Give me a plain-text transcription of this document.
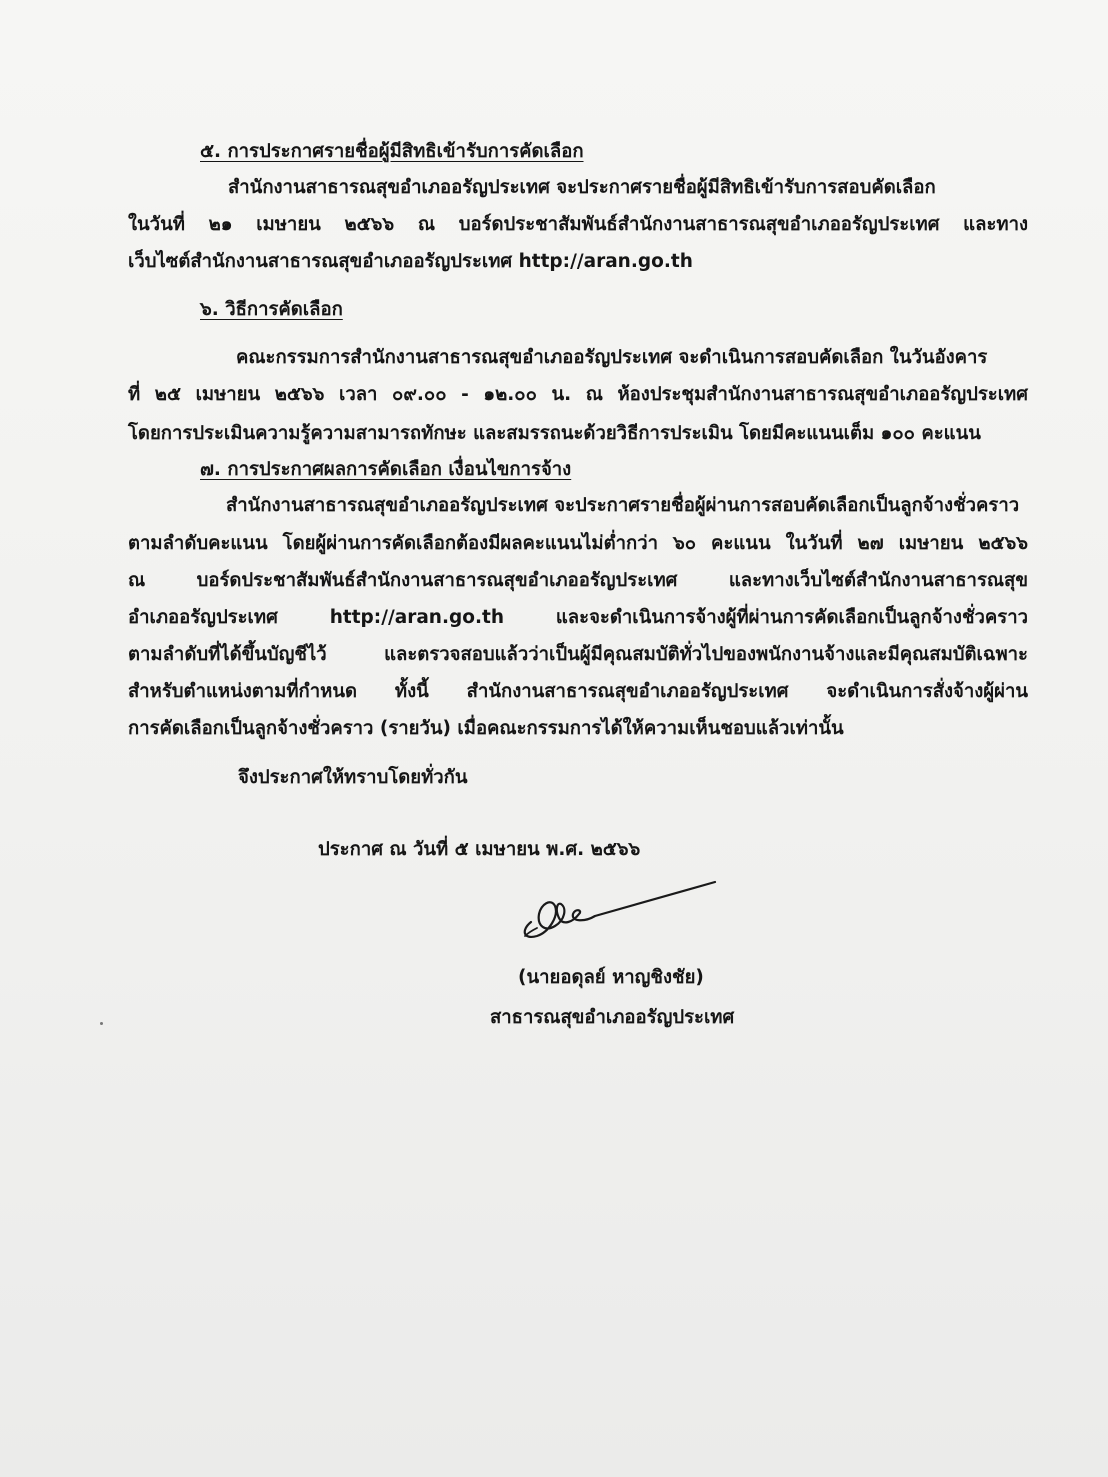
๕. การประกาศรายชื่อผู้มีสิทธิเข้ารับการคัดเลือก
สำนักงานสาธารณสุขอำเภออรัญประเทศ จะประกาศรายชื่อผู้มีสิทธิเข้ารับการสอบคัดเลือก
ในวันที่ ๒๑ เมษายน ๒๕๖๖ ณ บอร์ดประชาสัมพันธ์สำนักงานสาธารณสุขอำเภออรัญประเทศ และทาง
เว็บไซต์สำนักงานสาธารณสุขอำเภออรัญประเทศ http://aran.go.th
๖. วิธีการคัดเลือก
คณะกรรมการสำนักงานสาธารณสุขอำเภออรัญประเทศ จะดำเนินการสอบคัดเลือก ในวันอังคาร
ที่ ๒๕ เมษายน ๒๕๖๖ เวลา ๐๙.๐๐ - ๑๒.๐๐ น. ณ ห้องประชุมสำนักงานสาธารณสุขอำเภออรัญประเทศ
โดยการประเมินความรู้ความสามารถทักษะ และสมรรถนะด้วยวิธีการประเมิน โดยมีคะแนนเต็ม ๑๐๐ คะแนน
๗. การประกาศผลการคัดเลือก เงื่อนไขการจ้าง
สำนักงานสาธารณสุขอำเภออรัญประเทศ จะประกาศรายชื่อผู้ผ่านการสอบคัดเลือกเป็นลูกจ้างชั่วคราว
ตามลำดับคะแนน โดยผู้ผ่านการคัดเลือกต้องมีผลคะแนนไม่ต่ำกว่า ๖๐ คะแนน ในวันที่ ๒๗ เมษายน ๒๕๖๖
ณ บอร์ดประชาสัมพันธ์สำนักงานสาธารณสุขอำเภออรัญประเทศ และทางเว็บไซต์สำนักงานสาธารณสุข
อำเภออรัญประเทศ http://aran.go.th และจะดำเนินการจ้างผู้ที่ผ่านการคัดเลือกเป็นลูกจ้างชั่วคราว
ตามลำดับที่ได้ขึ้นบัญชีไว้ และตรวจสอบแล้วว่าเป็นผู้มีคุณสมบัติทั่วไปของพนักงานจ้างและมีคุณสมบัติเฉพาะ
สำหรับตำแหน่งตามที่กำหนด ทั้งนี้ สำนักงานสาธารณสุขอำเภออรัญประเทศ จะดำเนินการสั่งจ้างผู้ผ่าน
การคัดเลือกเป็นลูกจ้างชั่วคราว (รายวัน) เมื่อคณะกรรมการได้ให้ความเห็นชอบแล้วเท่านั้น
จึงประกาศให้ทราบโดยทั่วกัน
ประกาศ ณ วันที่ ๕ เมษายน พ.ศ. ๒๕๖๖
(นายอดุลย์ หาญชิงชัย)
สาธารณสุขอำเภออรัญประเทศ
